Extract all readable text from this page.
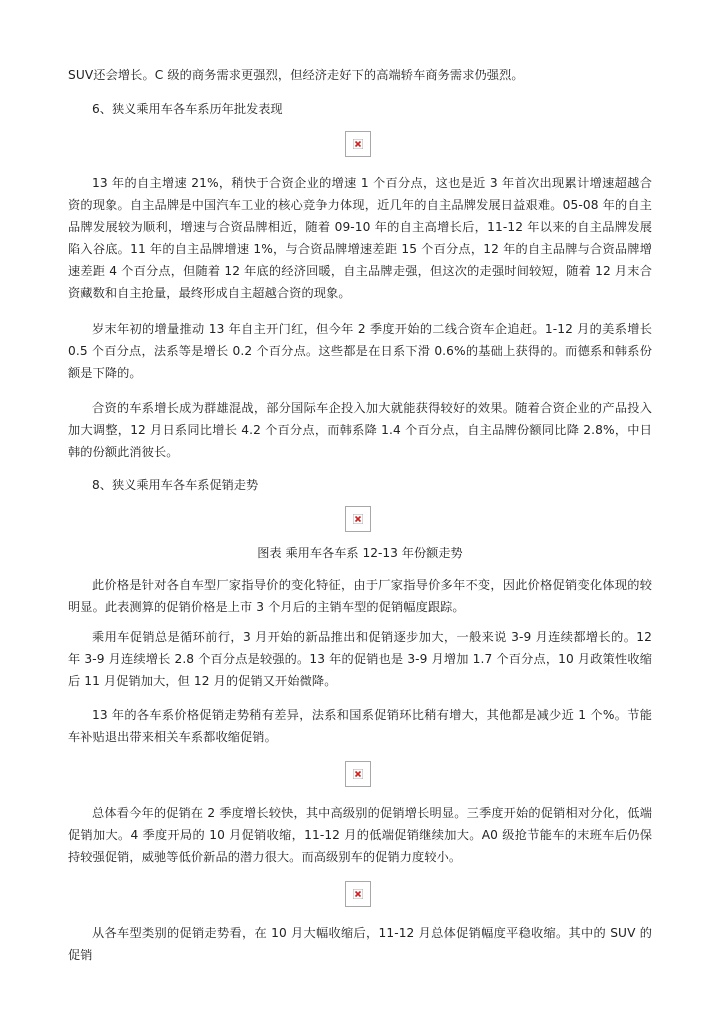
SUV还会增长。C 级的商务需求更强烈，但经济走好下的高端轿车商务需求仍强烈。

6、狭义乘用车各车系历年批发表现

13 年的自主增速 21%，稍快于合资企业的增速 1 个百分点，这也是近 3 年首次出现累计增速超越合资的现象。自主品牌是中国汽车工业的核心竞争力体现，近几年的自主品牌发展日益艰难。05-08 年的自主品牌发展较为顺利，增速与合资品牌相近，随着 09-10 年的自主高增长后，11-12 年以来的自主品牌发展陷入谷底。11 年的自主品牌增速 1%，与合资品牌增速差距 15 个百分点，12 年的自主品牌与合资品牌增速差距 4 个百分点，但随着 12 年底的经济回暖，自主品牌走强，但这次的走强时间较短，随着 12 月末合资藏数和自主抢量，最终形成自主超越合资的现象。

岁末年初的增量推动 13 年自主开门红，但今年 2 季度开始的二线合资车企追赶。1-12 月的美系增长 0.5 个百分点，法系等是增长 0.2 个百分点。这些都是在日系下滑 0.6%的基础上获得的。而德系和韩系份额是下降的。

合资的车系增长成为群雄混战，部分国际车企投入加大就能获得较好的效果。随着合资企业的产品投入加大调整，12 月日系同比增长 4.2 个百分点，而韩系降 1.4 个百分点，自主品牌份额同比降 2.8%，中日韩的份额此消彼长。

8、狭义乘用车各车系促销走势

图表 乘用车各车系 12-13 年份额走势

此价格是针对各自车型厂家指导价的变化特征，由于厂家指导价多年不变，因此价格促销变化体现的较明显。此表测算的促销价格是上市 3 个月后的主销车型的促销幅度跟踪。

乘用车促销总是循环前行，3 月开始的新品推出和促销逐步加大，一般来说 3-9 月连续都增长的。12 年 3-9 月连续增长 2.8 个百分点是较强的。13 年的促销也是 3-9 月增加 1.7 个百分点，10 月政策性收缩后 11 月促销加大，但 12 月的促销又开始微降。

13 年的各车系价格促销走势稍有差异，法系和国系促销环比稍有增大，其他都是减少近 1 个%。节能车补贴退出带来相关车系都收缩促销。

总体看今年的促销在 2 季度增长较快，其中高级别的促销增长明显。三季度开始的促销相对分化，低端促销加大。4 季度开局的 10 月促销收缩，11-12 月的低端促销继续加大。A0 级抢节能车的末班车后仍保持较强促销，威驰等低价新品的潜力很大。而高级别车的促销力度较小。

从各车型类别的促销走势看，在 10 月大幅收缩后，11-12 月总体促销幅度平稳收缩。其中的 SUV 的促销
